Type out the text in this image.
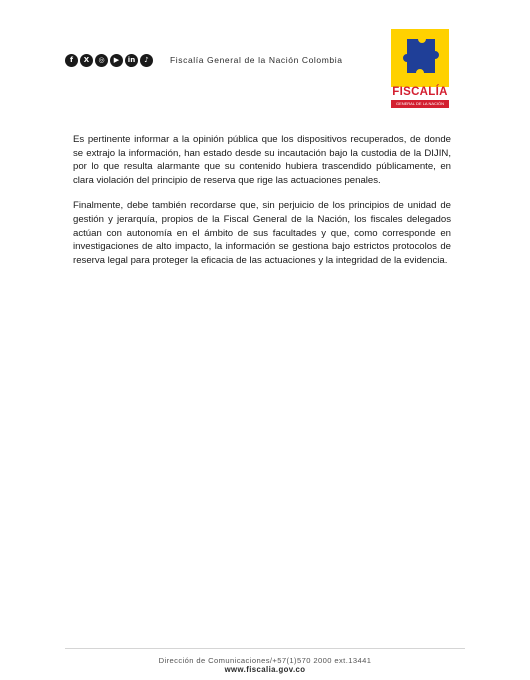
f	X	◎	▶	in	♪	Fiscalía General de la Nación Colombia
FISCALÍA
GENERAL DE LA NACIÓN

Es pertinente informar a la opinión pública que los dispositivos recuperados, de donde se extrajo la información, han estado desde su incautación bajo la custodia de la DIJIN, por lo que resulta alarmante que su contenido hubiera trascendido públicamente, en clara violación del principio de reserva que rige las actuaciones penales.

Finalmente, debe también recordarse que, sin perjuicio de los principios de unidad de gestión y jerarquía, propios de la Fiscal General de la Nación, los fiscales delegados actúan con autonomía en el ámbito de sus facultades y que, como corresponde en investigaciones de alto impacto, la información se gestiona bajo estrictos protocolos de reserva legal para proteger la eficacia de las actuaciones y la integridad de la evidencia.

Dirección de Comunicaciones/+57(1)570 2000 ext.13441
www.fiscalia.gov.co
